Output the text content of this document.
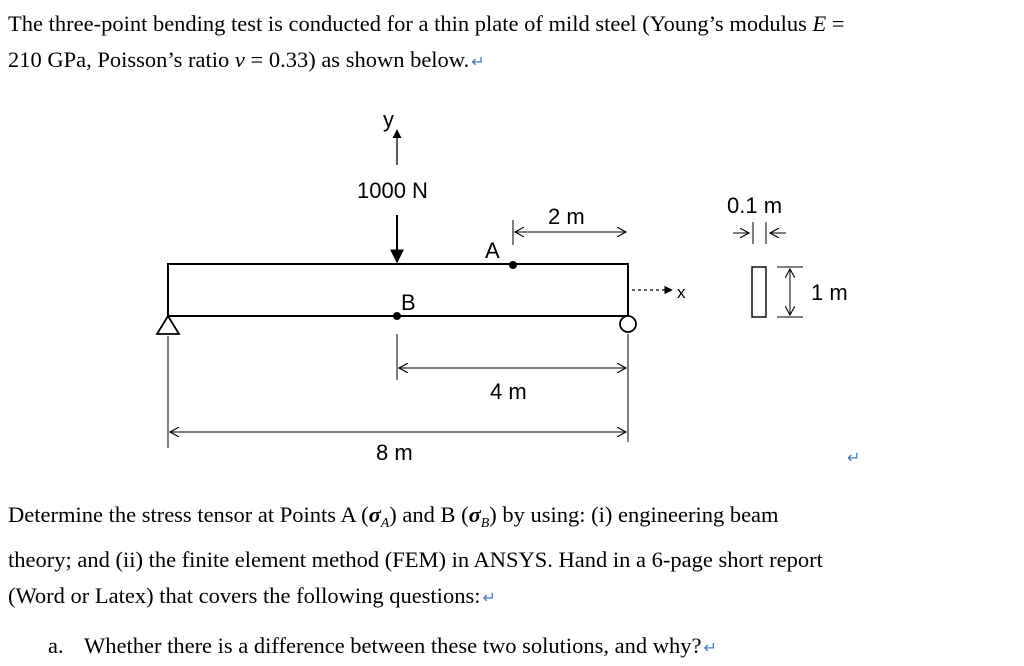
The three-point bending test is conducted for a thin plate of mild steel (Young’s modulus E =
210 GPa, Poisson’s ratio v = 0.33) as shown below. ↵

y
1000 N
A
2 m
B	x
4 m
8 m
0.1 m
1 m
↵

Determine the stress tensor at Points A $(\sigma_A)$ and B $(\sigma_B)$ by using: (i) engineering beam
theory; and (ii) the finite element method (FEM) in ANSYS. Hand in a 6-page short report
(Word or Latex) that covers the following questions: ↵

a. Whether there is a difference between these two solutions, and why? ↵
